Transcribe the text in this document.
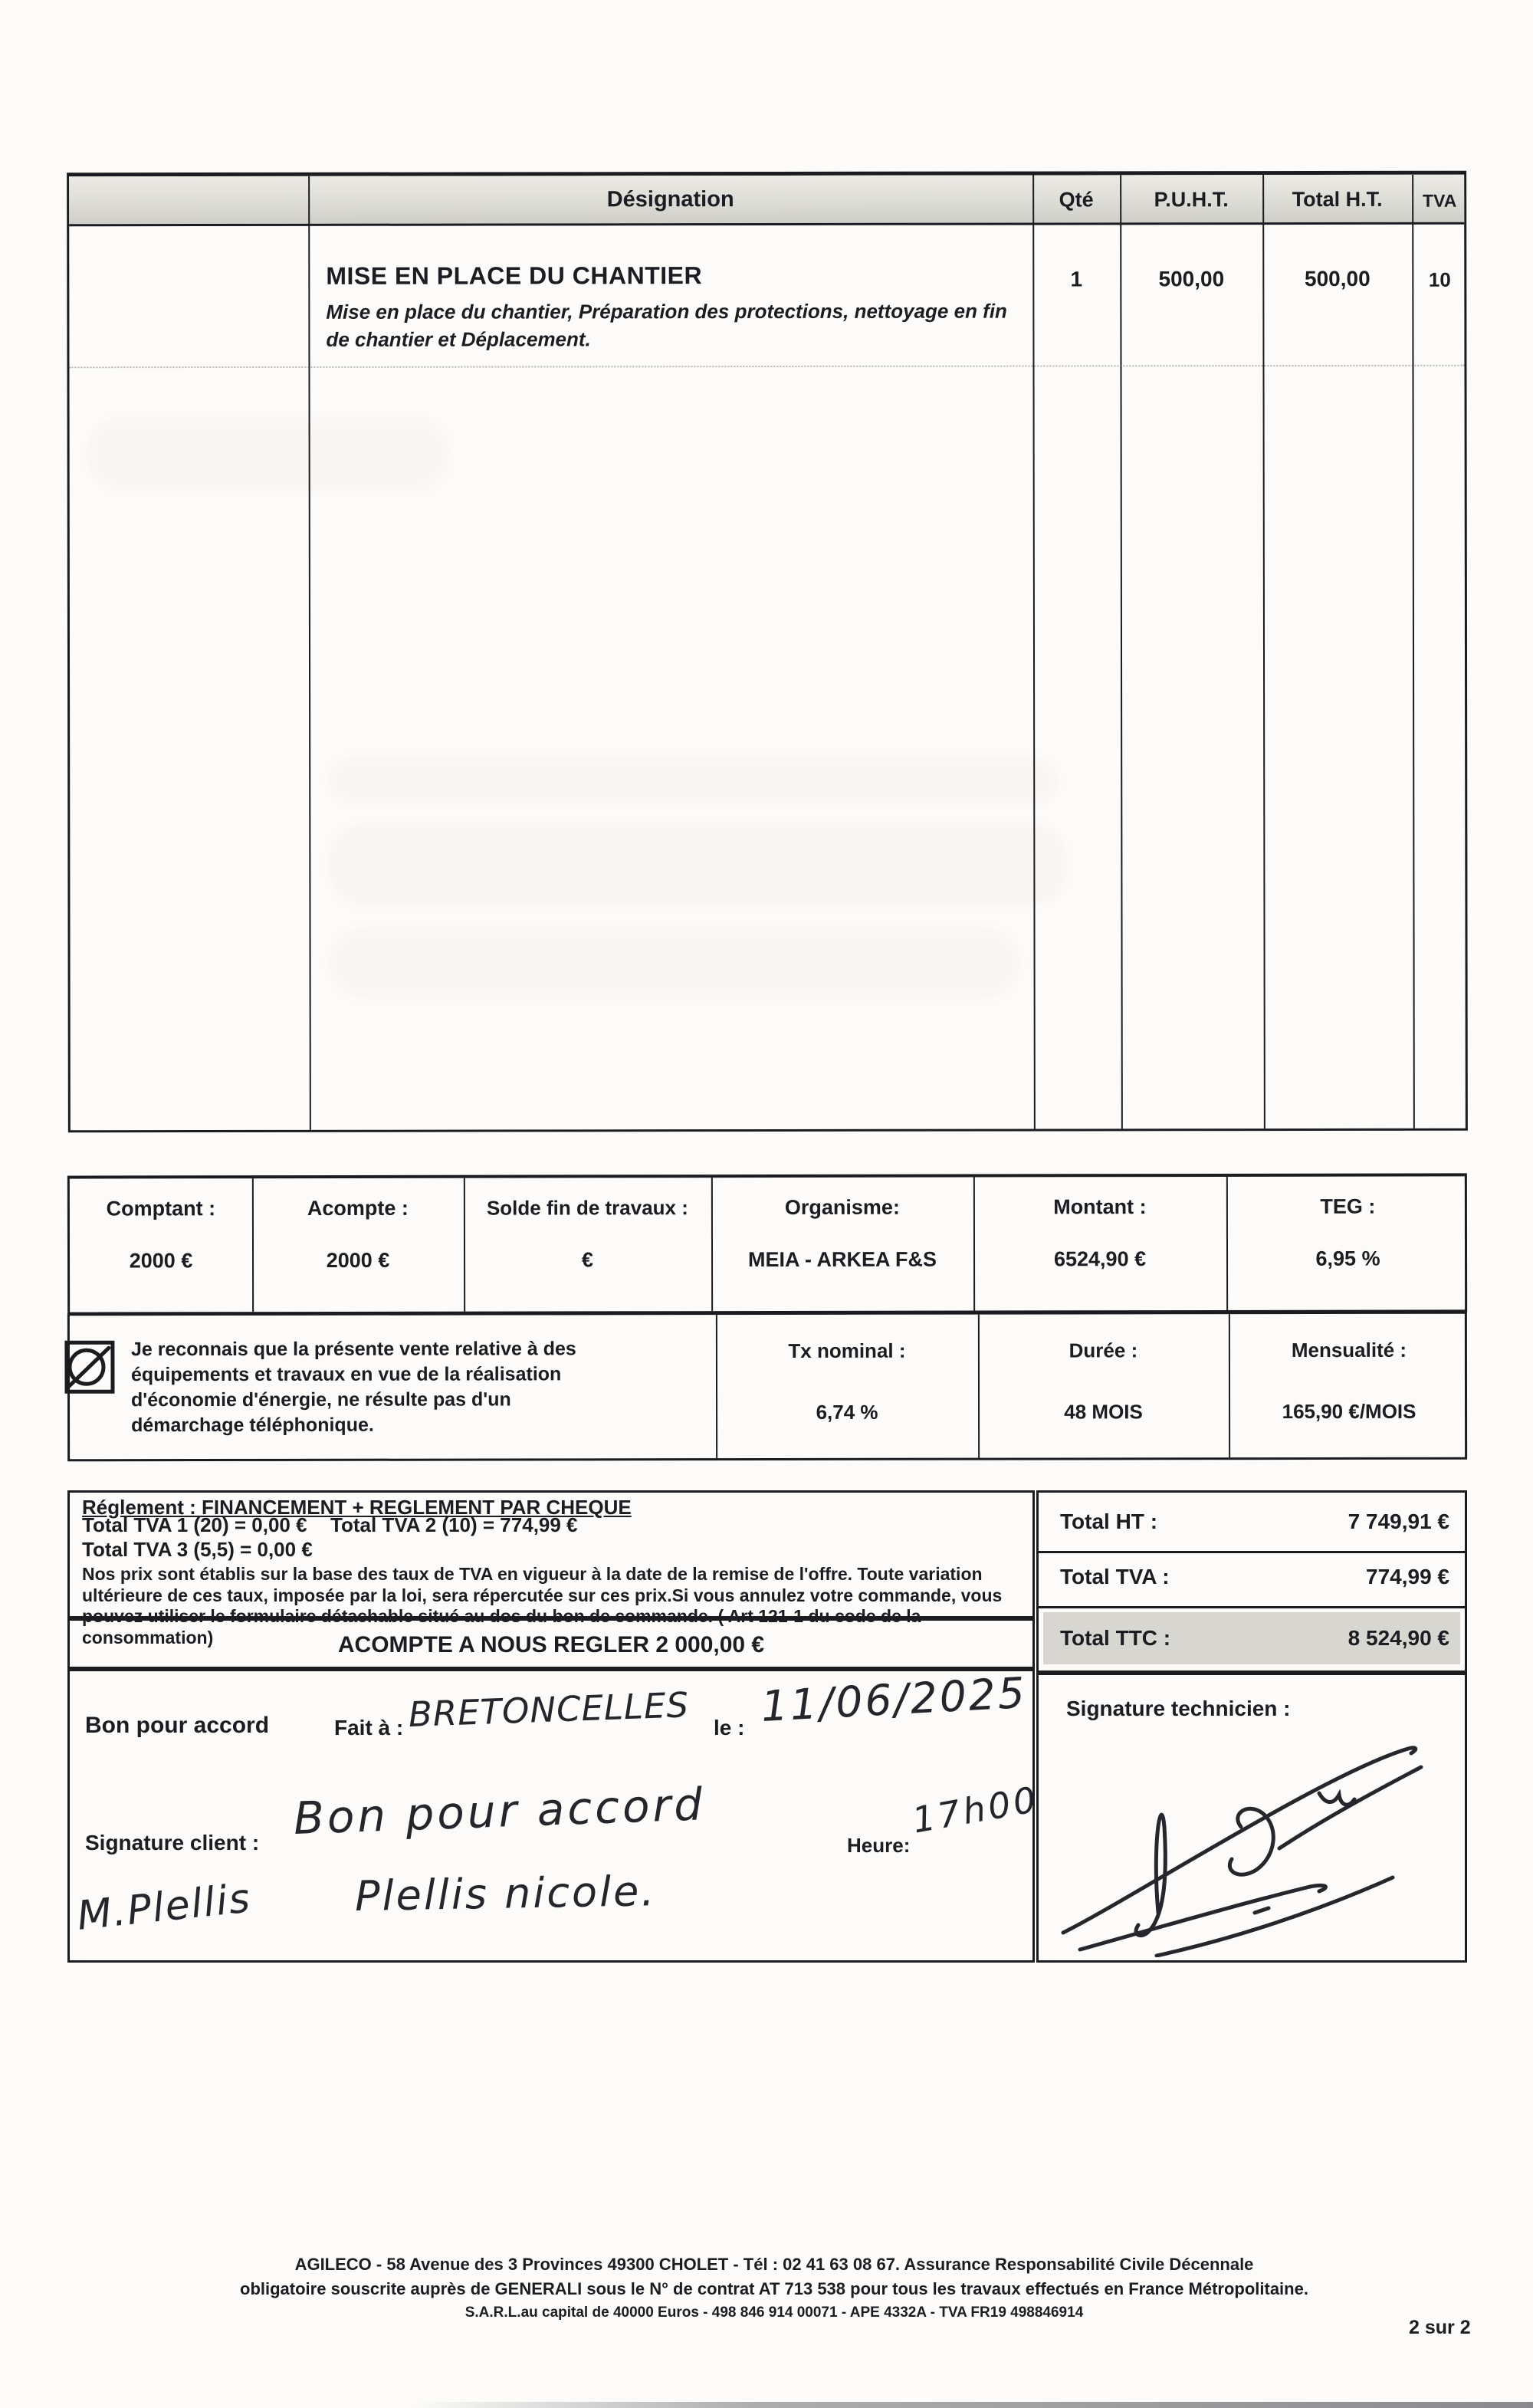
Désignation	Qté	P.U.H.T.	Total H.T.	TVA
MISE EN PLACE DU CHANTIER
Mise en place du chantier, Préparation des protections, nettoyage en fin de chantier et Déplacement.
1	500,00	500,00	10
Comptant :
2000 €
Acompte :
2000 €
Solde fin de travaux :
€
Organisme:
MEIA - ARKEA F&S
Montant :
6524,90 €
TEG :
6,95 %
Je reconnais que la présente vente relative à des équipements et travaux en vue de la réalisation d'économie d'énergie, ne résulte pas d'un démarchage téléphonique.
Tx nominal :
6,74 %
Durée :
48 MOIS
Mensualité :
165,90 €/MOIS
Réglement : FINANCEMENT + REGLEMENT PAR CHEQUE
Total TVA 1 (20) = 0,00 € Total TVA 2 (10) = 774,99 €
Total TVA 3 (5,5) = 0,00 €
Nos prix sont établis sur la base des taux de TVA en vigueur à la date de la remise de l'offre. Toute variation ultérieure de ces taux, imposée par la loi, sera répercutée sur ces prix.Si vous annulez votre commande, vous pouvez utiliser le formulaire détachable situé au dos du bon de commande. ( Art 121-1 du code de la consommation)	ACOMPTE A NOUS REGLER 2 000,00 €
Bon pour accord	Fait à : BRETONCELLES le : 11/06/2025
Signature client : Bon pour accord
Plellis nicole.
M.Plellis
Heure:
17h00
Total HT :	7 749,91 €
Total TVA :	774,99 €
Total TTC :	8 524,90 €
Signature technicien :
AGILECO - 58 Avenue des 3 Provinces 49300 CHOLET - Tél : 02 41 63 08 67. Assurance Responsabilité Civile Décennale
obligatoire souscrite auprès de GENERALI sous le N° de contrat AT 713 538 pour tous les travaux effectués en France Métropolitaine.
S.A.R.L.au capital de 40000 Euros - 498 846 914 00071 - APE 4332A - TVA FR19 498846914
2 sur 2
